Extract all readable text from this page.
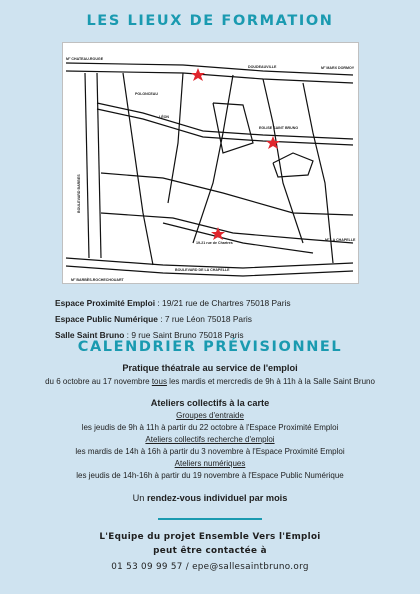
LES LIEUX DE FORMATION
M° CHATEAU-ROUGE
DOUDEAUVILLE	M° MARX DORMOY
POLONCEAU
LÉON
EGLISE SAINT BRUNO
BOULEVARD BARBES
19-21 rue de Chartres
M° LA CHAPELLE
BOULEVARD DE LA CHAPELLE
M° BARBÈS-ROCHECHOUART
Espace Proximité Emploi : 19/21 rue de Chartres 75018 Paris
Espace Public Numérique : 7 rue Léon 75018 Paris
CALENDRIER PRÉVISIONNEL
Pratique théatrale au service de l'emploi
du 6 octobre au 17 novembre tous les mardis et mercredis de 9h à 11h à la Salle Saint Bruno
Ateliers collectifs à la carte
Groupes d'entraide
les jeudis de 9h à 11h à partir du 22 octobre à l'Espace Proximité Emploi
Ateliers collectifs recherche d'emploi
les mardis de 14h à 16h à partir du 3 novembre à l'Espace Proximité Emploi
Ateliers numériques
les jeudis de 14h-16h à partir du 19 novembre à l'Espace Public Numérique
Un rendez-vous individuel par mois
L'Equipe du projet Ensemble Vers l'Emploi
peut être contactée à
01 53 09 99 57 / epe@sallesaintbruno.org
Salle Saint Bruno : 9 rue Saint Bruno 75018 Paris
